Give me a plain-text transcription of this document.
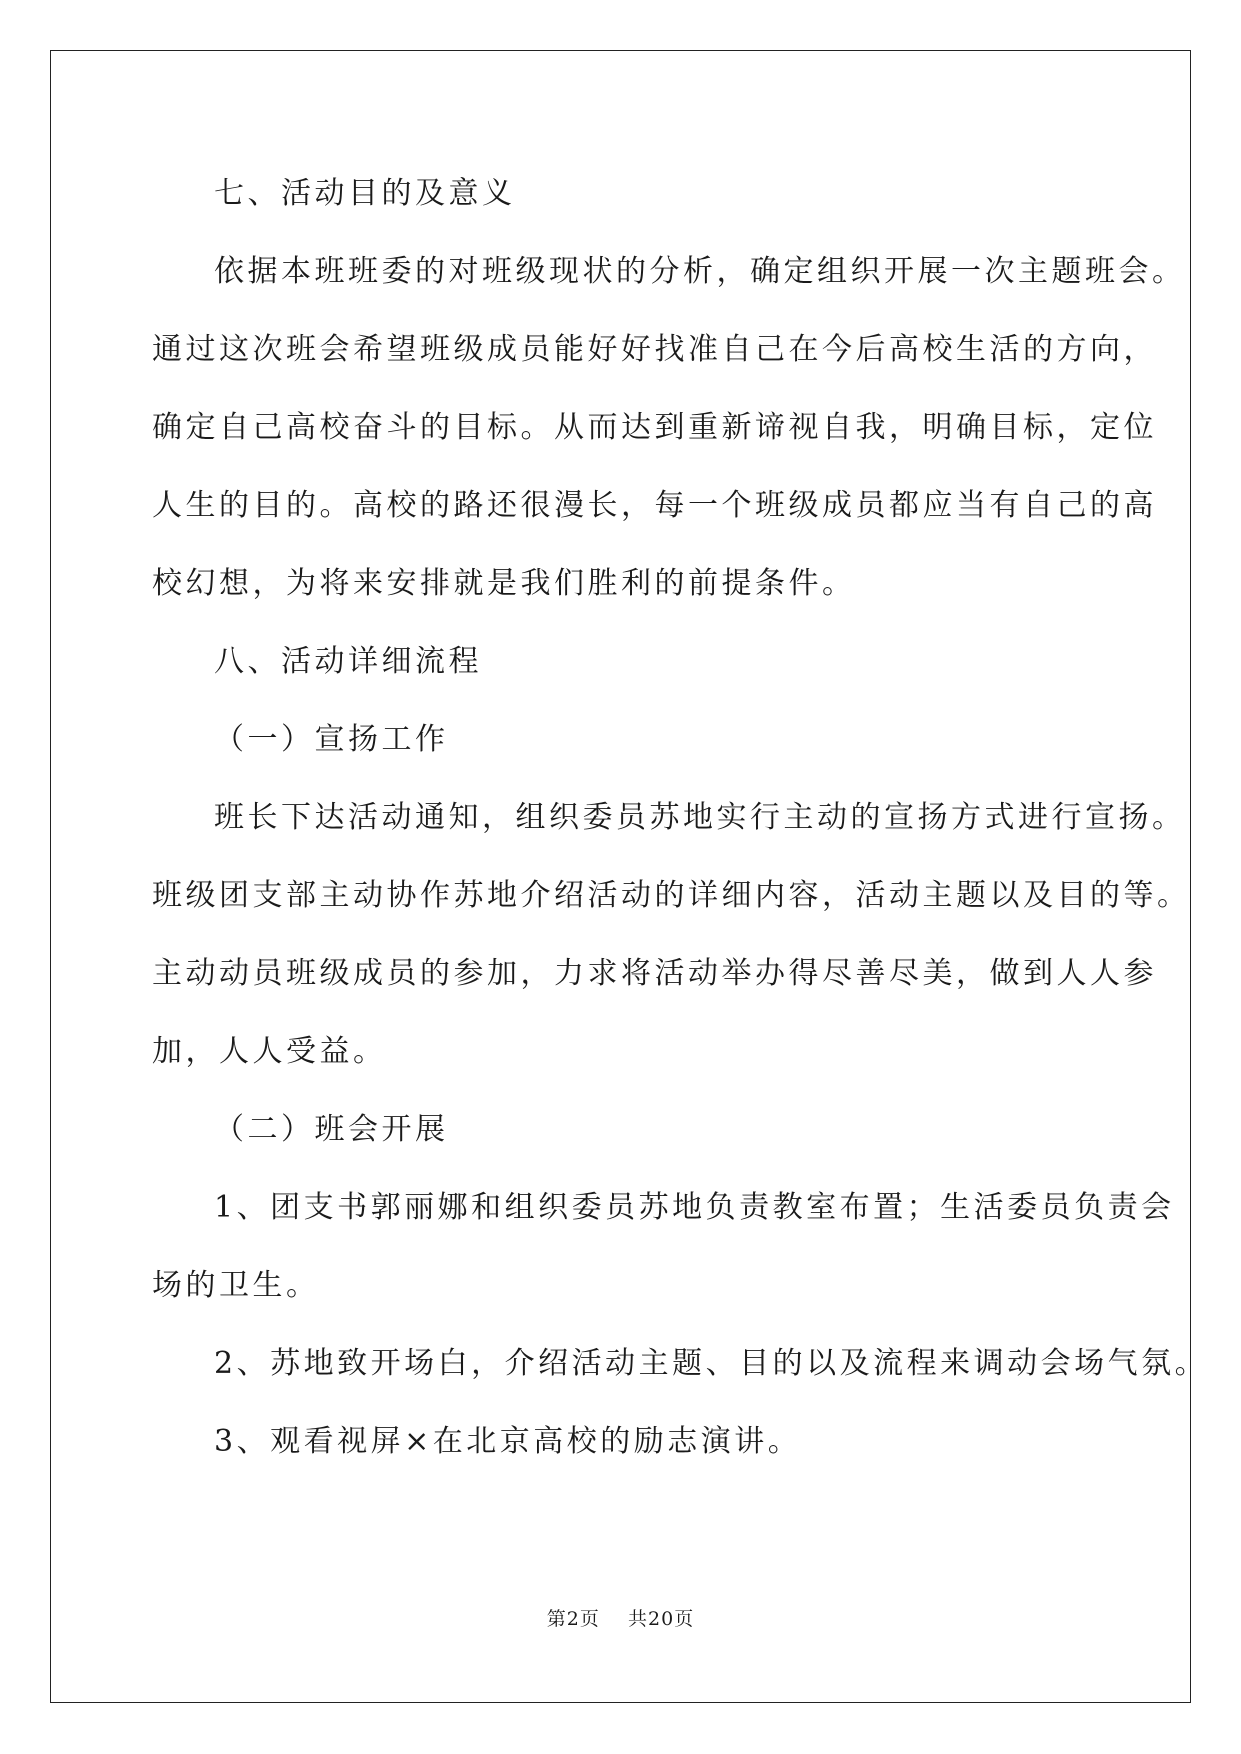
七、活动目的及意义
依据本班班委的对班级现状的分析，确定组织开展一次主题班会。
通过这次班会希望班级成员能好好找准自己在今后高校生活的方向，
确定自己高校奋斗的目标。从而达到重新谛视自我，明确目标，定位
人生的目的。高校的路还很漫长，每一个班级成员都应当有自己的高
校幻想，为将来安排就是我们胜利的前提条件。
八、活动详细流程
（一）宣扬工作
班长下达活动通知，组织委员苏地实行主动的宣扬方式进行宣扬。
班级团支部主动协作苏地介绍活动的详细内容，活动主题以及目的等。
主动动员班级成员的参加，力求将活动举办得尽善尽美，做到人人参
加，人人受益。
（二）班会开展
1、团支书郭丽娜和组织委员苏地负责教室布置；生活委员负责会
场的卫生。
2、苏地致开场白，介绍活动主题、目的以及流程来调动会场气氛。
3、观看视屏×在北京高校的励志演讲。
第2页    共20页
